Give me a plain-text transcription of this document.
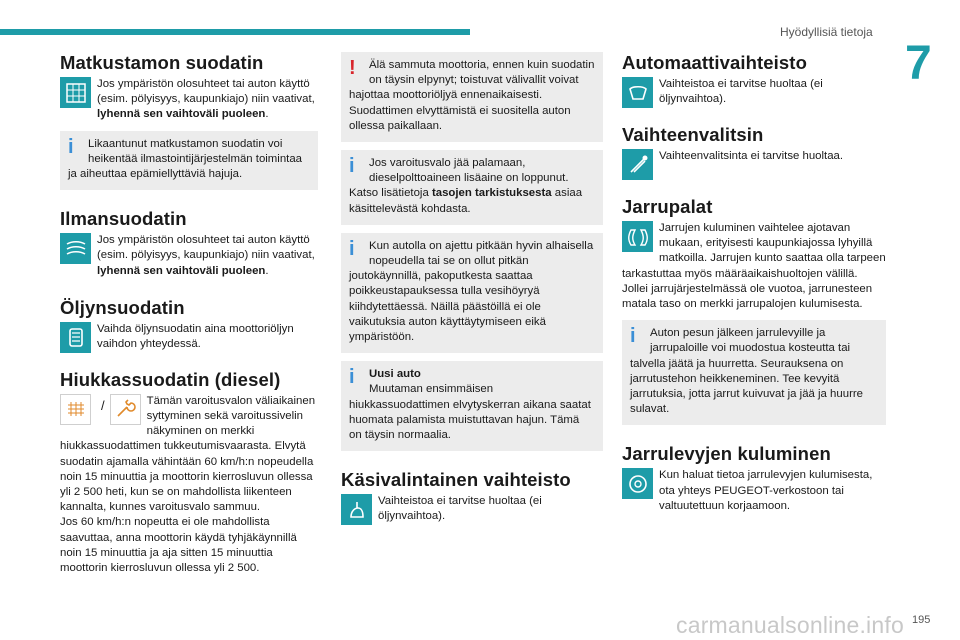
Hyödyllisiä tietoja
7
Matkustamon suodatin
Jos ympäristön olosuhteet tai auton käyttö (esim. pölyisyys, kaupunkiajo) niin vaativat, lyhennä sen vaihtoväli puoleen.
i	Likaantunut matkustamon suodatin voi heikentää ilmastointijärjestelmän toimintaa ja aiheuttaa epämiellyttäviä hajuja.
Ilmansuodatin
Jos ympäristön olosuhteet tai auton käyttö (esim. pölyisyys, kaupunkiajo) niin vaativat, lyhennä sen vaihtoväli puoleen.
Öljynsuodatin
Vaihda öljynsuodatin aina moottoriöljyn vaihdon yhteydessä.
Hiukkassuodatin (diesel)
/	Tämän varoitusvalon väliaikainen syttyminen sekä varoitussivelin näkyminen on merkki hiukkassuodattimen tukkeutumisvaarasta. Elvytä suodatin ajamalla vähintään 60 km/h:n nopeudella noin 15 minuuttia ja moottorin kierrosluvun ollessa yli 2 500 heti, kun se on mahdollista liikenteen kannalta, kunnes varoitusvalo sammuu.
Jos 60 km/h:n nopeutta ei ole mahdollista saavuttaa, anna moottorin käydä tyhjäkäynnillä noin 15 minuuttia ja aja sitten 15 minuuttia moottorin kierrosluvun ollessa yli 2 500.
!	Älä sammuta moottoria, ennen kuin suodatin on täysin elpynyt; toistuvat välivallit voivat hajottaa moottoriöljyä ennenaikaisesti.
Suodattimen elvyttämistä ei suositella auton ollessa paikallaan.
i	Jos varoitusvalo jää palamaan, dieselpolttoaineen lisäaine on loppunut. Katso lisätietoja tasojen tarkistuksesta asiaa käsittelevästä kohdasta.
i	Kun autolla on ajettu pitkään hyvin alhaisella nopeudella tai se on ollut pitkän joutokäynnillä, pakoputkesta saattaa poikkeustapauksessa tulla vesihöyryä kiihdytettäessä. Näillä päästöillä ei ole vaikutuksia auton käyttäytymiseen eikä ympäristöön.
i	Uusi auto
Muutaman ensimmäisen hiukkassuodattimen elvytyskerran aikana saatat huomata palamista muistuttavan hajun. Tämä on täysin normaalia.
Käsivalintainen vaihteisto
Vaihteistoa ei tarvitse huoltaa (ei öljynvaihtoa).
Automaattivaihteisto
Vaihteistoa ei tarvitse huoltaa (ei öljynvaihtoa).
Vaihteenvalitsin
Vaihteenvalitsinta ei tarvitse huoltaa.
Jarrupalat
Jarrujen kuluminen vaihtelee ajotavan mukaan, erityisesti kaupunkiajossa lyhyillä matkoilla. Jarrujen kunto saattaa olla tarpeen tarkastuttaa myös määräaikaishuoltojen välillä.
Jollei jarrujärjestelmässä ole vuotoa, jarrunesteen matala taso on merkki jarrupalojen kulumisesta.
i	Auton pesun jälkeen jarrulevyille ja jarrupaloille voi muodostua kosteutta tai talvella jäätä ja huurretta. Seurauksena on jarrutustehon heikkeneminen. Tee kevyitä jarrutuksia, jotta jarrut kuivuvat ja jää ja huurre sulavat.
Jarrulevyjen kuluminen
Kun haluat tietoa jarrulevyjen kulumisesta, ota yhteys PEUGEOT-verkostoon tai valtuutettuun korjaamoon.
carmanualsonline.info 195
